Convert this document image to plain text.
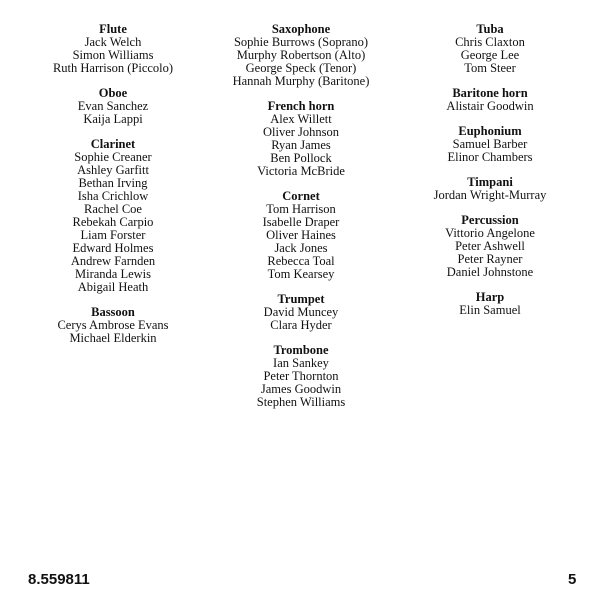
Flute
Jack Welch
Simon Williams
Ruth Harrison (Piccolo)
Oboe
Evan Sanchez
Kaija Lappi
Clarinet
Sophie Creaner
Ashley Garfitt
Bethan Irving
Isha Crichlow
Rachel Coe
Rebekah Carpio
Liam Forster
Edward Holmes
Andrew Farnden
Miranda Lewis
Abigail Heath
Bassoon
Cerys Ambrose Evans
Michael Elderkin
Saxophone
Sophie Burrows (Soprano)
Murphy Robertson (Alto)
George Speck (Tenor)
Hannah Murphy (Baritone)
French horn
Alex Willett
Oliver Johnson
Ryan James
Ben Pollock
Victoria McBride
Cornet
Tom Harrison
Isabelle Draper
Oliver Haines
Jack Jones
Rebecca Toal
Tom Kearsey
Trumpet
David Muncey
Clara Hyder
Trombone
Ian Sankey
Peter Thornton
James Goodwin
Stephen Williams
Tuba
Chris Claxton
George Lee
Tom Steer
Baritone horn
Alistair Goodwin
Euphonium
Samuel Barber
Elinor Chambers
Timpani
Jordan Wright-Murray
Percussion
Vittorio Angelone
Peter Ashwell
Peter Rayner
Daniel Johnstone
Harp
Elin Samuel
8.559811	5
